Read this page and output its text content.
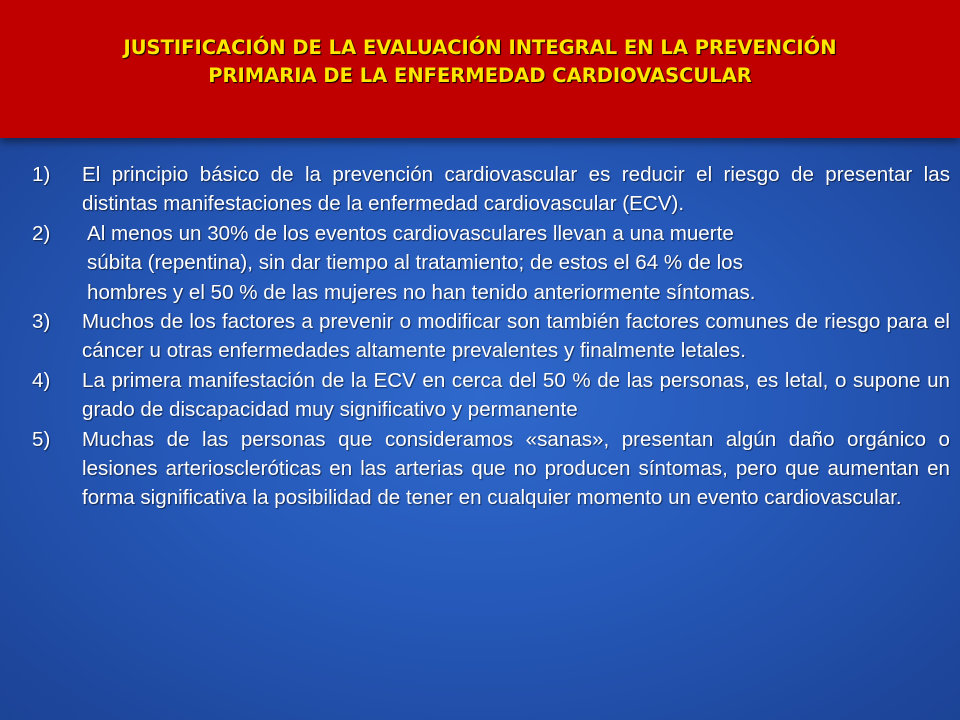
JUSTIFICACIÓN DE LA EVALUACIÓN INTEGRAL EN LA PREVENCIÓN
PRIMARIA DE LA ENFERMEDAD CARDIOVASCULAR
1) El principio básico de la prevención cardiovascular es reducir el riesgo de presentar las distintas manifestaciones de la enfermedad cardiovascular (ECV).
2) Al menos un 30% de los eventos cardiovasculares llevan a una muerte
súbita (repentina), sin dar tiempo al tratamiento; de estos el 64 % de los
hombres y el 50 % de las mujeres no han tenido anteriormente síntomas.
3) Muchos de los factores a prevenir o modificar son también factores comunes de riesgo para el cáncer u otras enfermedades altamente prevalentes y finalmente letales.
4) La primera manifestación de la ECV en cerca del 50 % de las personas, es letal, o supone un grado de discapacidad muy significativo y permanente
5) Muchas de las personas que consideramos «sanas», presentan algún daño orgánico o lesiones arterioscleróticas en las arterias que no producen síntomas, pero que aumentan en forma significativa la posibilidad de tener en cualquier momento un evento cardiovascular.
